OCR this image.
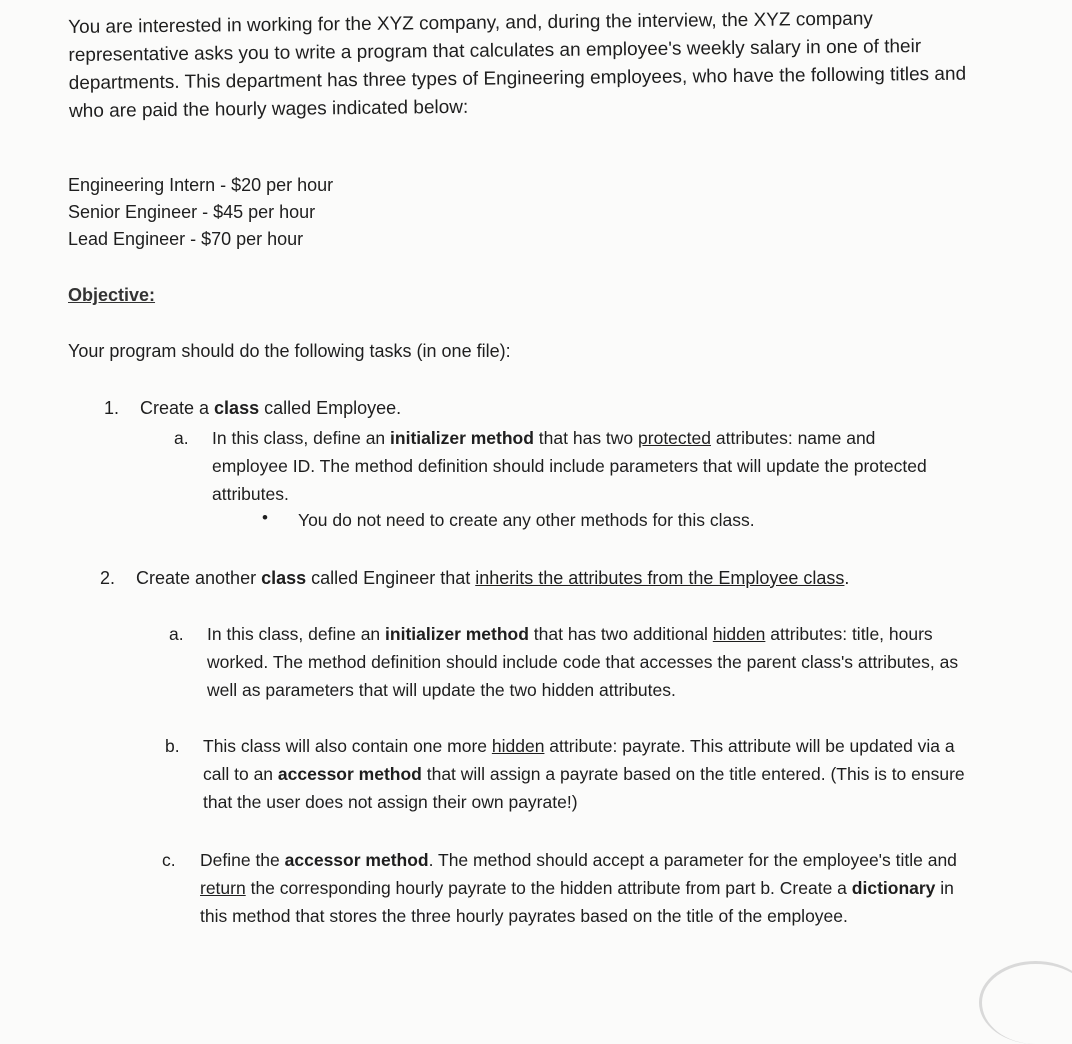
You are interested in working for the XYZ company, and, during the interview, the XYZ company representative asks you to write a program that calculates an employee's weekly salary in one of their departments. This department has three types of Engineering employees, who have the following titles and who are paid the hourly wages indicated below:
Engineering Intern - $20 per hour
Senior Engineer - $45 per hour
Lead Engineer - $70 per hour
Objective:
Your program should do the following tasks (in one file):
1. Create a class called Employee.
a. In this class, define an initializer method that has two protected attributes: name and employee ID. The method definition should include parameters that will update the protected attributes.
• You do not need to create any other methods for this class.
2. Create another class called Engineer that inherits the attributes from the Employee class.
a. In this class, define an initializer method that has two additional hidden attributes: title, hours worked. The method definition should include code that accesses the parent class's attributes, as well as parameters that will update the two hidden attributes.
b. This class will also contain one more hidden attribute: payrate. This attribute will be updated via a call to an accessor method that will assign a payrate based on the title entered. (This is to ensure that the user does not assign their own payrate!)
c. Define the accessor method. The method should accept a parameter for the employee's title and return the corresponding hourly payrate to the hidden attribute from part b. Create a dictionary in this method that stores the three hourly payrates based on the title of the employee.
